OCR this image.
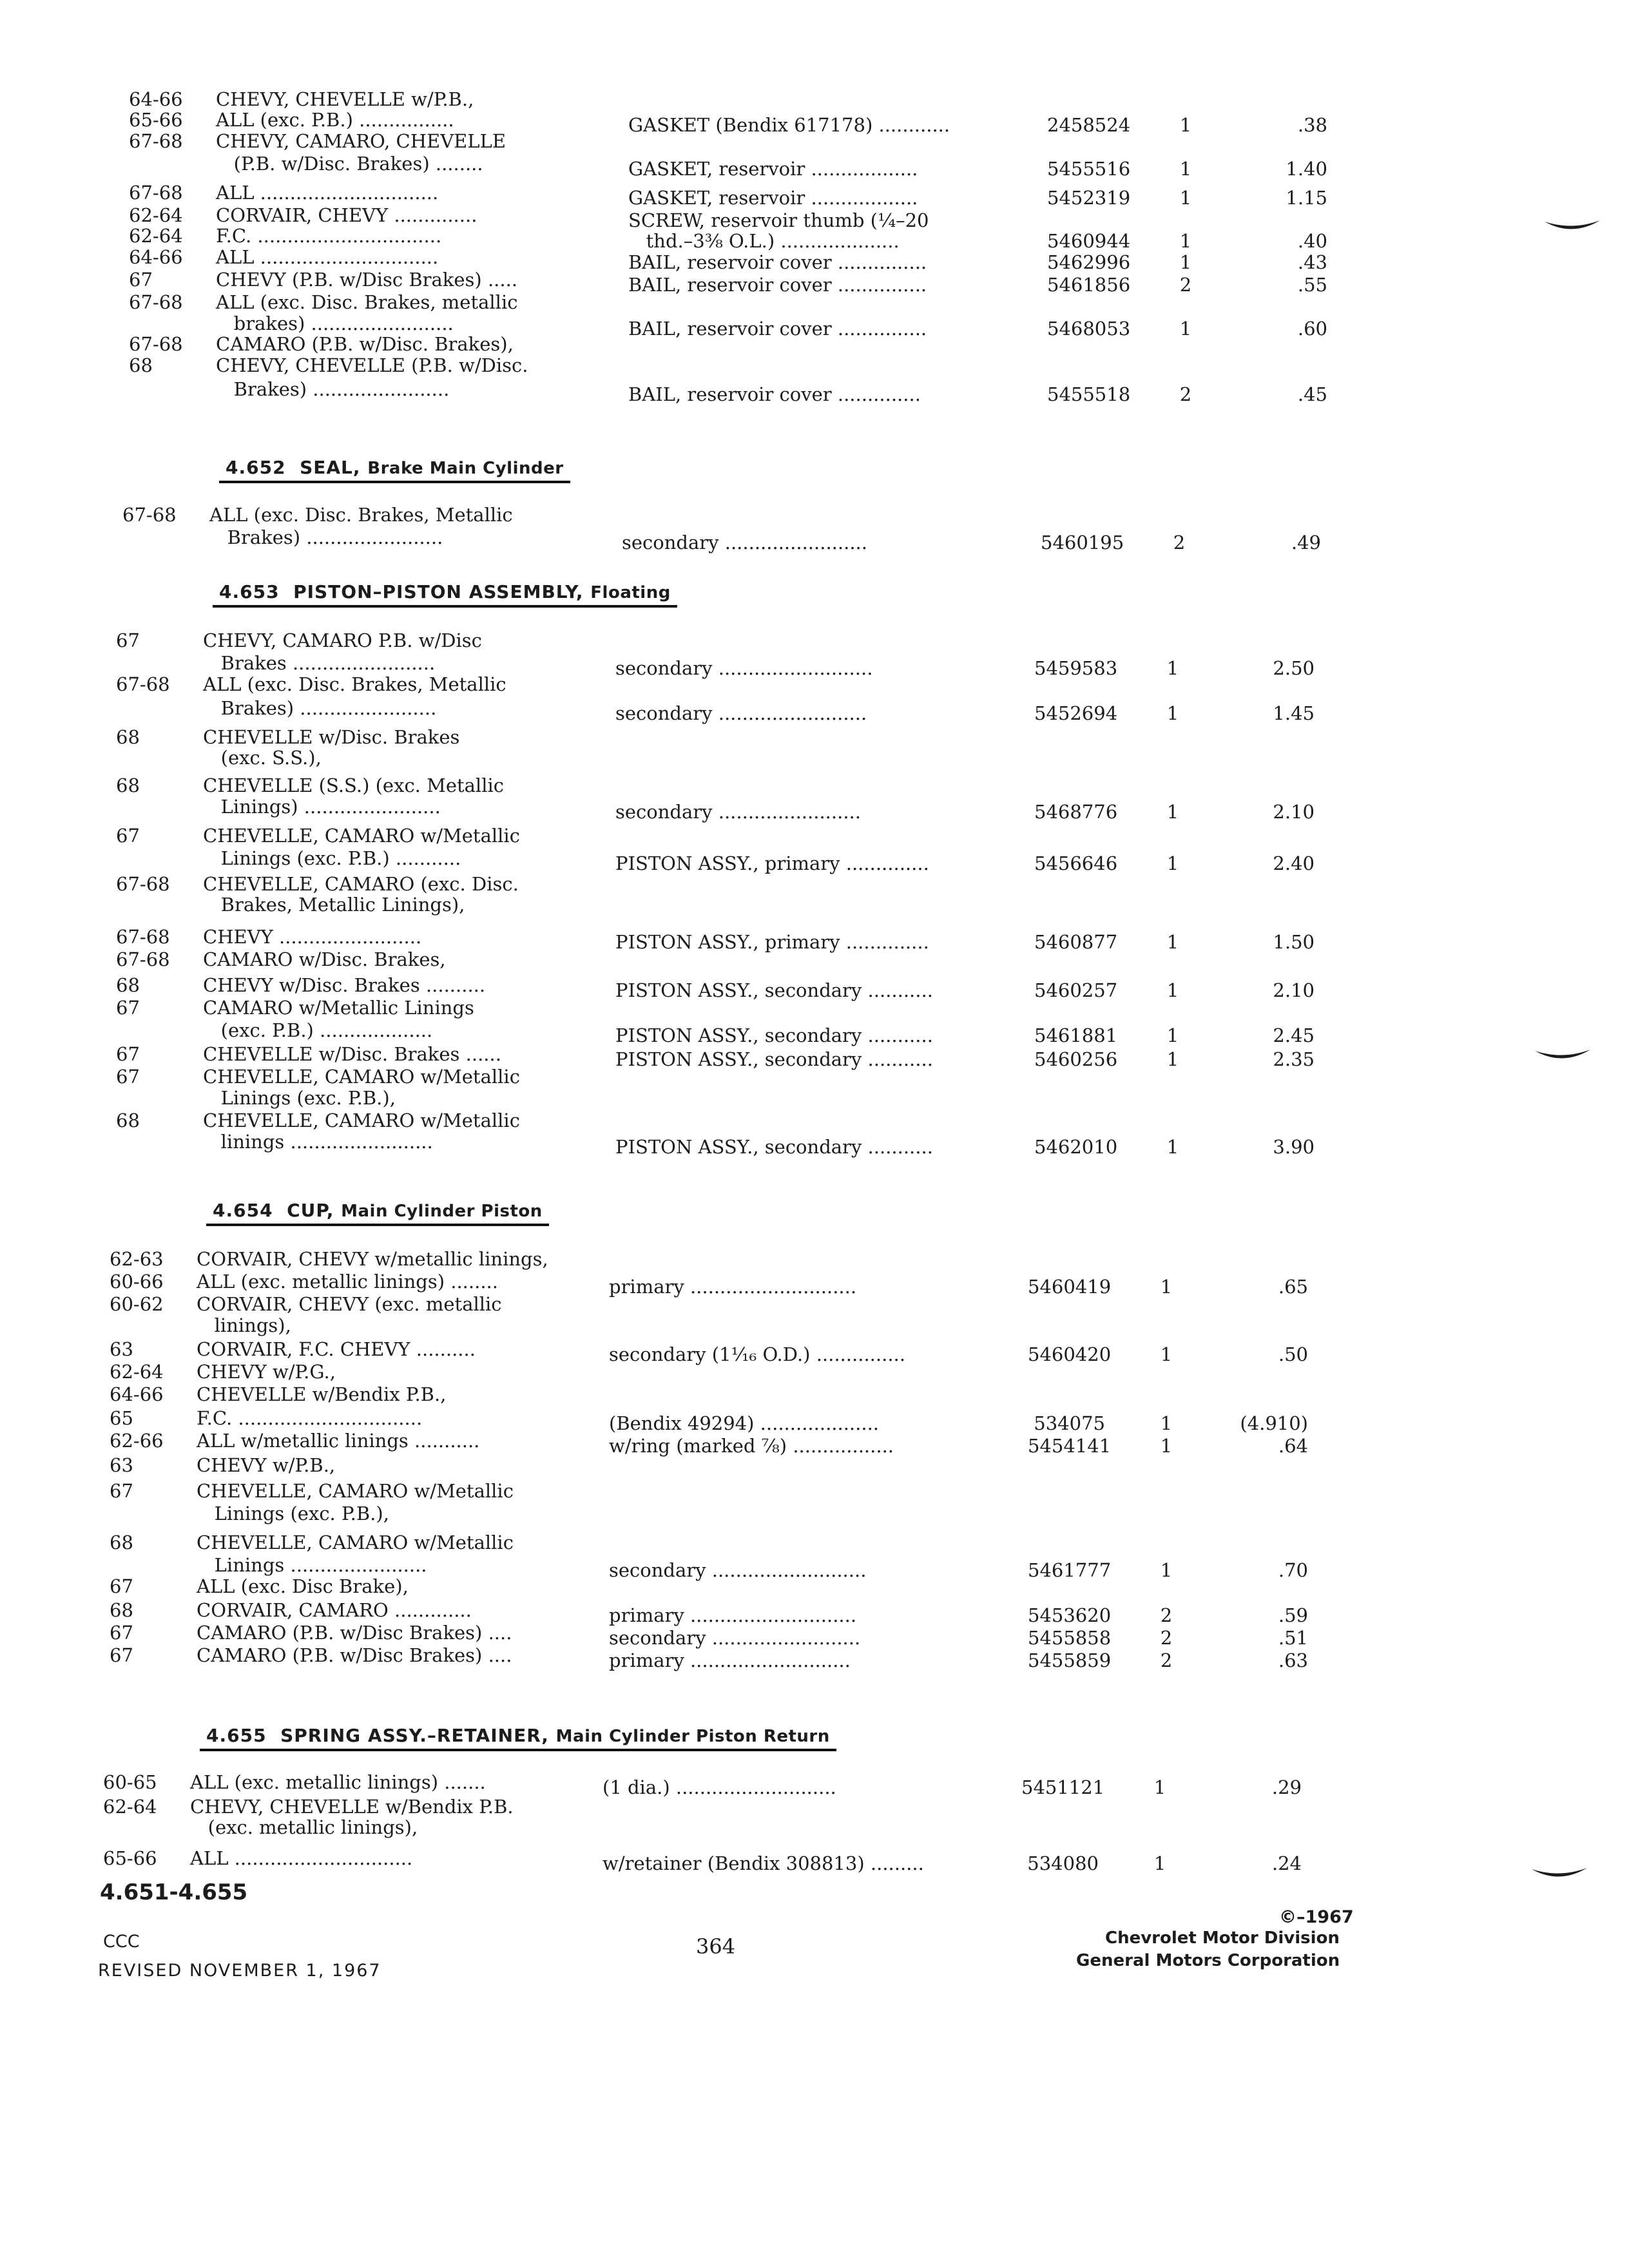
64-66	CHEVY, CHEVELLE w/P.B.,
65-66	ALL (exc. P.B.) ................	GASKET (Bendix 617178) ............	2458524	1	.38
67-68	CHEVY, CAMARO, CHEVELLE
(P.B. w/Disc. Brakes) ........	GASKET, reservoir ..................	5455516	1	1.40
67-68	ALL ..............................	GASKET, reservoir ..................	5452319	1	1.15
62-64	CORVAIR, CHEVY ..............	SCREW, reservoir thumb (¼–20
62-64	F.C. ...............................	thd.–3⅜ O.L.) ....................	5460944	1	.40
64-66	ALL ..............................	BAIL, reservoir cover ...............	5462996	1	.43
67	CHEVY (P.B. w/Disc Brakes) .....	BAIL, reservoir cover ...............	5461856	2	.55
67-68	ALL (exc. Disc. Brakes, metallic
brakes) ........................	BAIL, reservoir cover ...............	5468053	1	.60
67-68	CAMARO (P.B. w/Disc. Brakes),
68	CHEVY, CHEVELLE (P.B. w/Disc.
Brakes) .......................	BAIL, reservoir cover ..............	5455518	2	.45
4.652 SEAL, Brake Main Cylinder
67-68	ALL (exc. Disc. Brakes, Metallic
Brakes) .......................	secondary ........................	5460195	2	.49
4.653 PISTON–PISTON ASSEMBLY, Floating
67	CHEVY, CAMARO P.B. w/Disc
Brakes ........................	secondary ..........................	5459583	1	2.50
67-68	ALL (exc. Disc. Brakes, Metallic
Brakes) .......................	secondary .........................	5452694	1	1.45
68	CHEVELLE w/Disc. Brakes
(exc. S.S.),
68	CHEVELLE (S.S.) (exc. Metallic
Linings) .......................	secondary ........................	5468776	1	2.10
67	CHEVELLE, CAMARO w/Metallic
Linings (exc. P.B.) ...........	PISTON ASSY., primary ..............	5456646	1	2.40
67-68	CHEVELLE, CAMARO (exc. Disc.
Brakes, Metallic Linings),
67-68	CHEVY ........................	PISTON ASSY., primary ..............	5460877	1	1.50
67-68	CAMARO w/Disc. Brakes,
68	CHEVY w/Disc. Brakes ..........	PISTON ASSY., secondary ...........	5460257	1	2.10
67	CAMARO w/Metallic Linings
(exc. P.B.) ...................	PISTON ASSY., secondary ...........	5461881	1	2.45
67	CHEVELLE w/Disc. Brakes ......	PISTON ASSY., secondary ...........	5460256	1	2.35
67	CHEVELLE, CAMARO w/Metallic
Linings (exc. P.B.),
68	CHEVELLE, CAMARO w/Metallic
linings ........................	PISTON ASSY., secondary ...........	5462010	1	3.90
4.654 CUP, Main Cylinder Piston
62-63	CORVAIR, CHEVY w/metallic linings,
60-66	ALL (exc. metallic linings) ........	primary ............................	5460419	1	.65
60-62	CORVAIR, CHEVY (exc. metallic
linings),
63	CORVAIR, F.C. CHEVY ..........	secondary (1¹⁄₁₆ O.D.) ...............	5460420	1	.50
62-64	CHEVY w/P.G.,
64-66	CHEVELLE w/Bendix P.B.,
65	F.C. ...............................	(Bendix 49294) ....................	534075	1	(4.910)
62-66	ALL w/metallic linings ...........	w/ring (marked ⅞) .................	5454141	1	.64
63	CHEVY w/P.B.,
67	CHEVELLE, CAMARO w/Metallic
Linings (exc. P.B.),
68	CHEVELLE, CAMARO w/Metallic
Linings .......................	secondary ..........................	5461777	1	.70
67	ALL (exc. Disc Brake),
68	CORVAIR, CAMARO .............	primary ............................	5453620	2	.59
67	CAMARO (P.B. w/Disc Brakes) ....	secondary .........................	5455858	2	.51
67	CAMARO (P.B. w/Disc Brakes) ....	primary ...........................	5455859	2	.63
4.655 SPRING ASSY.–RETAINER, Main Cylinder Piston Return
60-65	ALL (exc. metallic linings) .......	(1 dia.) ...........................	5451121	1	.29
62-64	CHEVY, CHEVELLE w/Bendix P.B.
(exc. metallic linings),
65-66	ALL ..............................	w/retainer (Bendix 308813) .........	534080	1	.24
4.651-4.655
CCC
REVISED NOVEMBER 1, 1967
364
©–1967
Chevrolet Motor Division
General Motors Corporation
